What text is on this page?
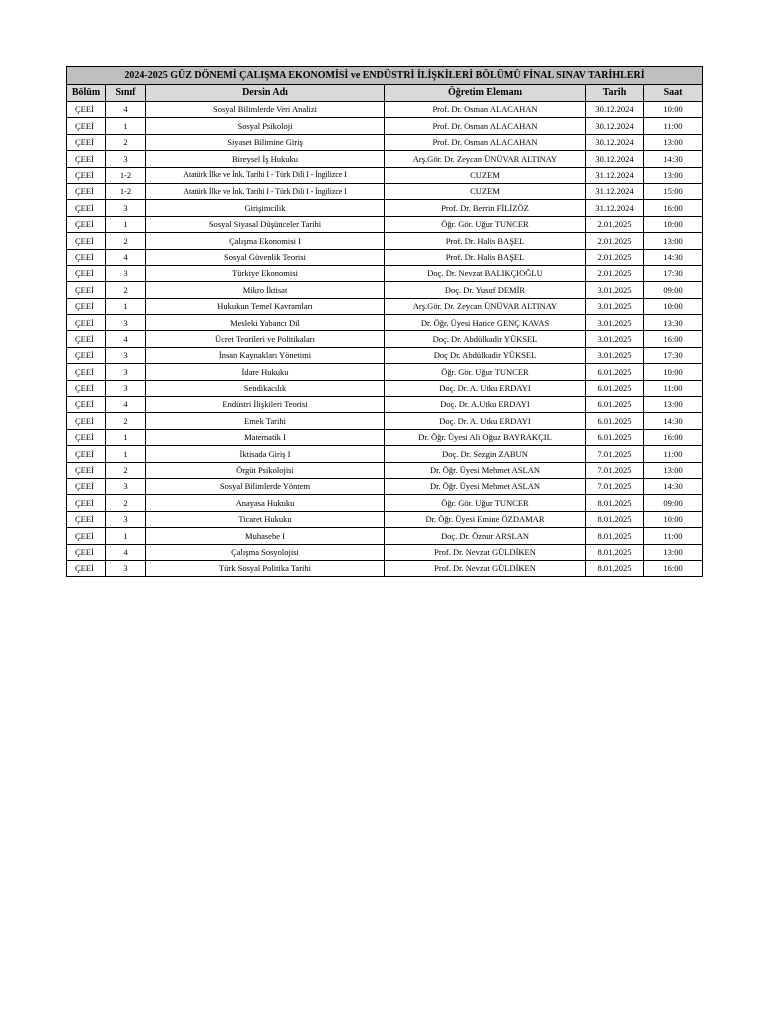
2024-2025 GÜZ DÖNEMİ ÇALIŞMA EKONOMİSİ ve ENDÜSTRİ İLİŞKİLERİ BÖLÜMÜ FİNAL SINAV TARİHLERİ					
Bölüm	Sınıf	Dersin Adı	Öğretim Elemanı	Tarih	Saat
ÇEEİ	4	Sosyal Bilimlerde Veri Analizi	Prof. Dr. Osman ALACAHAN	30.12.2024	10:00
ÇEEİ	1	Sosyal Psikoloji	Prof. Dr. Osman ALACAHAN	30.12.2024	11:00
ÇEEİ	2	Siyaset Bilimine Giriş	Prof. Dr. Osman ALACAHAN	30.12.2024	13:00
ÇEEİ	3	Bireysel İş Hukuku	Arş.Gör. Dr. Zeycan ÜNÜVAR ALTINAY	30.12.2024	14:30
ÇEEİ	1-2	Atatürk İlke ve İnk. Tarihi I - Türk Dili I - İngilizce I	CUZEM	31.12.2024	13:00
ÇEEİ	1-2	Atatürk İlke ve İnk. Tarihi I - Türk Dili I - İngilizce I	CUZEM	31.12.2024	15:00
ÇEEİ	3	Girişimcilik	Prof. Dr. Berrin FİLİZÖZ	31.12.2024	16:00
ÇEEİ	1	Sosyal Siyasal Düşünceler Tarihi	Öğr. Gör. Uğur TUNCER	2.01.2025	10:00
ÇEEİ	2	Çalışma Ekonomisi I	Prof. Dr. Halis BAŞEL	2.01.2025	13:00
ÇEEİ	4	Sosyal Güvenlik Teorisi	Prof. Dr. Halis BAŞEL	2.01.2025	14:30
ÇEEİ	3	Türkiye Ekonomisi	Doç. Dr. Nevzat BALIKÇIOĞLU	2.01.2025	17:30
ÇEEİ	2	Mikro İktisat	Doç. Dr. Yusuf DEMİR	3.01.2025	09:00
ÇEEİ	1	Hukukun Temel Kavramları	Arş.Gör. Dr. Zeycan ÜNÜVAR ALTINAY	3.01.2025	10:00
ÇEEİ	3	Mesleki Yabancı Dil	Dr. Öğr. Üyesi Hatice GENÇ KAVAS	3.01.2025	13:30
ÇEEİ	4	Ücret Teorileri ve Politikaları	Doç. Dr. Abdülkadir YÜKSEL	3.01.2025	16:00
ÇEEİ	3	İnsan Kaynakları Yönetimi	Doç Dr. Abdülkadir YÜKSEL	3.01.2025	17:30
ÇEEİ	3	İdare Hukuku	Öğr. Gör. Uğur TUNCER	6.01.2025	10:00
ÇEEİ	3	Sendikacılık	Doç. Dr. A. Utku ERDAYI	6.01.2025	11:00
ÇEEİ	4	Endüstri İlişkileri Teorisi	Doç. Dr. A.Utku ERDAYI	6.01.2025	13:00
ÇEEİ	2	Emek Tarihi	Doç. Dr. A. Utku ERDAYI	6.01.2025	14:30
ÇEEİ	1	Matematik I	Dr. Öğr. Üyesi Ali Oğuz BAYRAKÇIL	6.01.2025	16:00
ÇEEİ	1	İktisada Giriş I	Doç. Dr. Sezgin ZABUN	7.01.2025	11:00
ÇEEİ	2	Örgüt Psikolojisi	Dr. Öğr. Üyesi Mehmet ASLAN	7.01.2025	13:00
ÇEEİ	3	Sosyal Bilimlerde Yöntem	Dr. Öğr. Üyesi Mehmet ASLAN	7.01.2025	14:30
ÇEEİ	2	Anayasa Hukuku	Öğr. Gör. Uğur TUNCER	8.01.2025	09:00
ÇEEİ	3	Ticaret Hukuku	Dr. Öğr. Üyesi Emine ÖZDAMAR	8.01.2025	10:00
ÇEEİ	1	Muhasebe I	Doç. Dr. Öznur ARSLAN	8.01.2025	11:00
ÇEEİ	4	Çalışma Sosyolojisi	Prof. Dr. Nevzat GÜLDİKEN	8.01.2025	13:00
ÇEEİ	3	Türk Sosyal Politika Tarihi	Prof. Dr. Nevzat GÜLDİKEN	8.01.2025	16:00
